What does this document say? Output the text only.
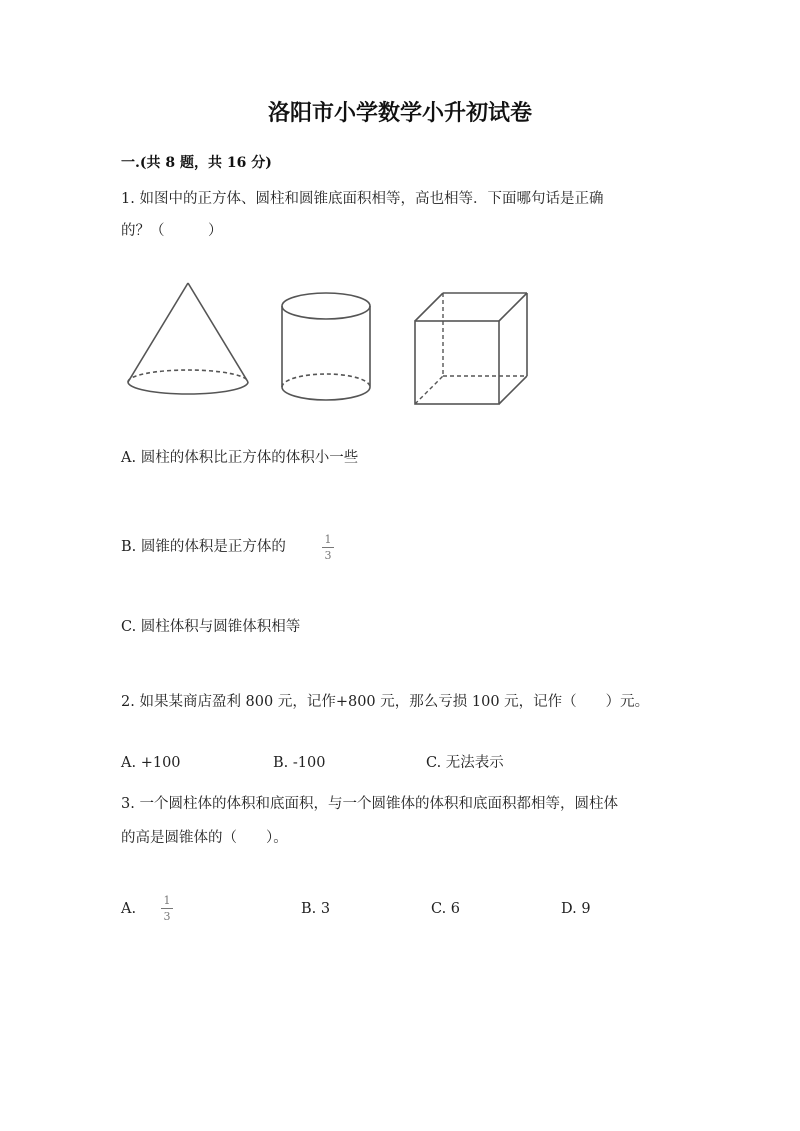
洛阳市小学数学小升初试卷
一.(共 8 题，共 16 分)
1. 如图中的正方体、圆柱和圆锥底面积相等，高也相等．下面哪句话是正确
的？（　　　）
A. 圆柱的体积比正方体的体积小一些
B. 圆锥的体积是正方体的	1
3
C. 圆柱体积与圆锥体积相等
2. 如果某商店盈利 800 元，记作+800 元，那么亏损 100 元，记作（　　）元。
A. +100	B. -100	C. 无法表示
3. 一个圆柱体的体积和底面积，与一个圆锥体的体积和底面积都相等，圆柱体
的高是圆锥体的（　　）。
A.
1
3	B. 3	C. 6	D. 9
